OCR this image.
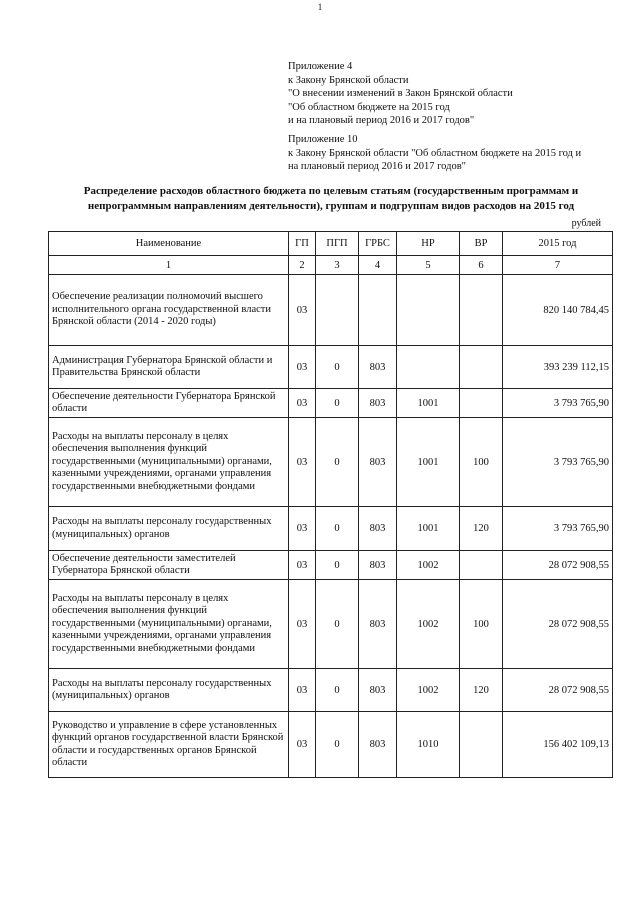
1
Приложение 4
к Закону Брянской области
"О внесении изменений в Закон Брянской области
"Об областном бюджете на 2015 год
и на плановый период 2016 и 2017 годов"
Приложение 10
к Закону Брянской области "Об областном бюджете на 2015 год и
на плановый период 2016 и 2017 годов"
Распределение расходов областного бюджета по целевым статьям (государственным программам и
непрограммным направлениям деятельности), группам и подгруппам видов расходов на 2015 год
рублей
Наименование	ГП	ПГП	ГРБС	НР	ВР	2015 год
1	2	3	4	5	6	7
Обеспечение реализации полномочий высшего исполнительного органа государственной власти Брянской области (2014 - 2020 годы)	03					820 140 784,45
Администрация Губернатора Брянской области и Правительства Брянской области	03	0	803			393 239 112,15
Обеспечение деятельности Губернатора Брянской области	03	0	803	1001		3 793 765,90
Расходы на выплаты персоналу в целях обеспечения выполнения функций государственными (муниципальными) органами, казенными учреждениями, органами управления государственными внебюджетными фондами	03	0	803	1001	100	3 793 765,90
Расходы на выплаты персоналу государственных (муниципальных) органов	03	0	803	1001	120	3 793 765,90
Обеспечение деятельности заместителей Губернатора Брянской области	03	0	803	1002		28 072 908,55
Расходы на выплаты персоналу в целях обеспечения выполнения функций государственными (муниципальными) органами, казенными учреждениями, органами управления государственными внебюджетными фондами	03	0	803	1002	100	28 072 908,55
Расходы на выплаты персоналу государственных (муниципальных) органов	03	0	803	1002	120	28 072 908,55
Руководство и управление в сфере установленных функций органов государственной власти Брянской области и государственных органов Брянской области	03	0	803	1010		156 402 109,13
